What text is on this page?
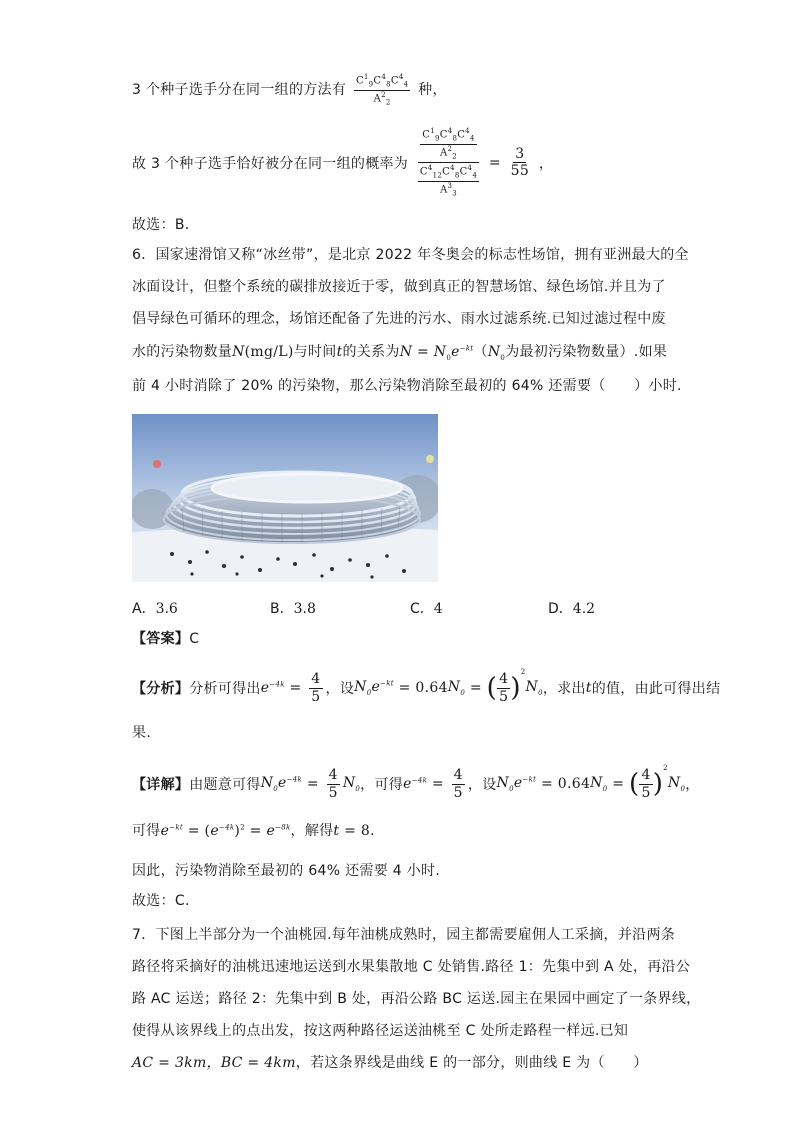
3 个种子选手分在同一组的方法有 $\frac{C^1_9C^4_8C^4_4}{A^2_2}$ 种，
故 3 个种子选手恰好被分在同一组的概率为 $\frac{\frac{C^1_9C^4_8C^4_4}{A^2_2}}{\frac{C^4_{12}C^4_8C^4_4}{A^3_3}} = \frac{3}{55}$ ，
故选：B．
6．国家速滑馆又称“冰丝带”，是北京 2022 年冬奥会的标志性场馆，拥有亚洲最大的全
冰面设计，但整个系统的碳排放接近于零，做到真正的智慧场馆、绿色场馆.并且为了
倡导绿色可循环的理念，场馆还配备了先进的污水、雨水过滤系统.已知过滤过程中废
水的污染物数量N(mg/L)与时间t的关系为$N = N_0e^{-kt}(N_0$为最初污染物数量）.如果
前 4 小时消除了 20% 的污染物，那么污染物消除至最初的 64% 还需要（　　）小时.
A．3.6	B．3.8	C．4	D．4.2
【答案】C
【分析】分析可得出$e^{-4k} = \frac{4}{5}$ ，设$N_0e^{-kt} = 0.64N_0$ = ( $\frac{4}{5} )^2N_0$，求出t的值，由此可得出结
果.
【详解】由题意可得$N_0e^{-4k} = \frac{4}{5} N_0$，可得$e^{-4k} = \frac{4}{5}$ ，设$N_0e^{-kt} = 0.64N_0$ = ( $\frac{4}{5} )^2N_0$，
可得$e^{-kt} = (e^{-4k})^2 = e^{-8k}$，解得t = 8.
因此，污染物消除至最初的 64% 还需要 4 小时.
故选：C.
7．下图上半部分为一个油桃园.每年油桃成熟时，园主都需要雇佣人工采摘，并沿两条
路径将采摘好的油桃迅速地运送到水果集散地 C 处销售.路径 1：先集中到 A 处，再沿公
路 AC 运送；路径 2：先集中到 B 处，再沿公路 BC 运送.园主在果园中画定了一条界线，
使得从该界线上的点出发，按这两种路径运送油桃至 C 处所走路程一样远.已知
AC = 3km，BC = 4km，若这条界线是曲线 E 的一部分，则曲线 E 为（　　）
